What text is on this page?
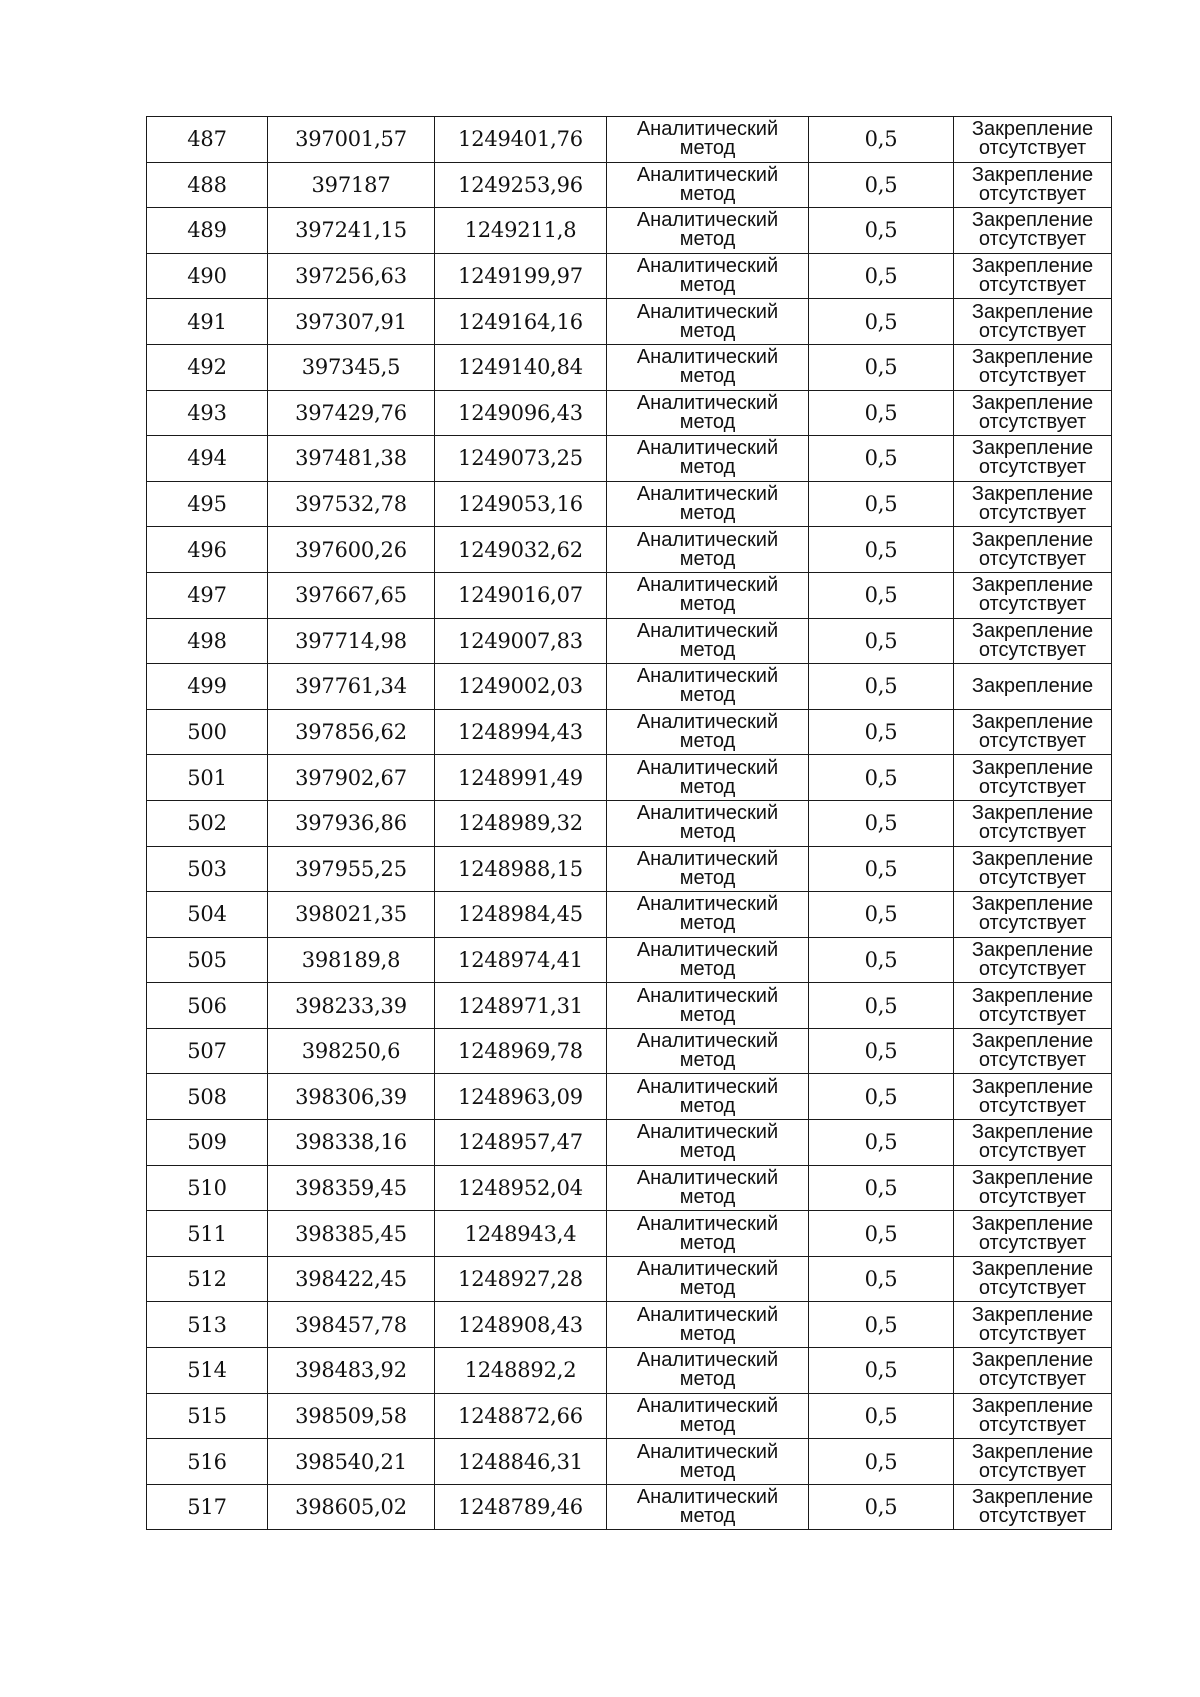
487	397001,57	1249401,76	Аналитический
метод	0,5	Закрепление
отсутствует

488	397187	1249253,96	Аналитический
метод	0,5	Закрепление
отсутствует

489	397241,15	1249211,8	Аналитический
метод	0,5	Закрепление
отсутствует

490	397256,63	1249199,97	Аналитический
метод	0,5	Закрепление
отсутствует

491	397307,91	1249164,16	Аналитический
метод	0,5	Закрепление
отсутствует

492	397345,5	1249140,84	Аналитический
метод	0,5	Закрепление
отсутствует

493	397429,76	1249096,43	Аналитический
метод	0,5	Закрепление
отсутствует

494	397481,38	1249073,25	Аналитический
метод	0,5	Закрепление
отсутствует

495	397532,78	1249053,16	Аналитический
метод	0,5	Закрепление
отсутствует

496	397600,26	1249032,62	Аналитический
метод	0,5	Закрепление
отсутствует

497	397667,65	1249016,07	Аналитический
метод	0,5	Закрепление
отсутствует

498	397714,98	1249007,83	Аналитический
метод	0,5	Закрепление
отсутствует

499	397761,34	1249002,03	Аналитический
метод	0,5	Закрепление

500	397856,62	1248994,43	Аналитический
метод	0,5	Закрепление
отсутствует

501	397902,67	1248991,49	Аналитический
метод	0,5	Закрепление
отсутствует

502	397936,86	1248989,32	Аналитический
метод	0,5	Закрепление
отсутствует

503	397955,25	1248988,15	Аналитический
метод	0,5	Закрепление
отсутствует

504	398021,35	1248984,45	Аналитический
метод	0,5	Закрепление
отсутствует

505	398189,8	1248974,41	Аналитический
метод	0,5	Закрепление
отсутствует

506	398233,39	1248971,31	Аналитический
метод	0,5	Закрепление
отсутствует

507	398250,6	1248969,78	Аналитический
метод	0,5	Закрепление
отсутствует

508	398306,39	1248963,09	Аналитический
метод	0,5	Закрепление
отсутствует

509	398338,16	1248957,47	Аналитический
метод	0,5	Закрепление
отсутствует

510	398359,45	1248952,04	Аналитический
метод	0,5	Закрепление
отсутствует

511	398385,45	1248943,4	Аналитический
метод	0,5	Закрепление
отсутствует

512	398422,45	1248927,28	Аналитический
метод	0,5	Закрепление
отсутствует

513	398457,78	1248908,43	Аналитический
метод	0,5	Закрепление
отсутствует

514	398483,92	1248892,2	Аналитический
метод	0,5	Закрепление
отсутствует

515	398509,58	1248872,66	Аналитический
метод	0,5	Закрепление
отсутствует

516	398540,21	1248846,31	Аналитический
метод	0,5	Закрепление
отсутствует

517	398605,02	1248789,46	Аналитический
метод	0,5	Закрепление
отсутствует
